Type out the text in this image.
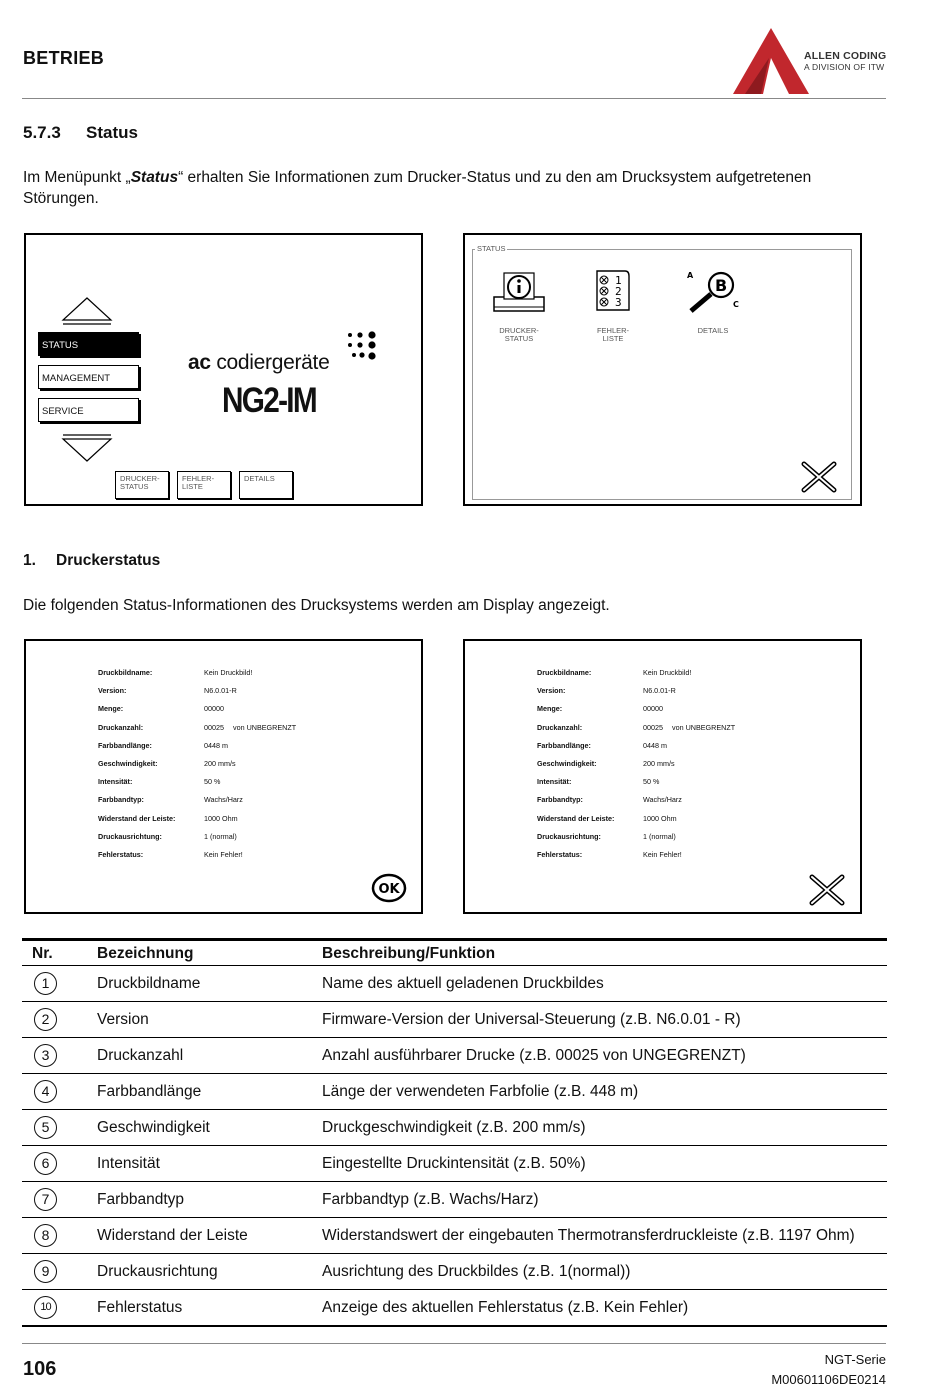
BETRIEB	ALLEN CODING
A DIVISION OF ITW
5.7.3 Status
Im Menüpunkt „Status“ erhalten Sie Informationen zum Drucker-Status und zu den am Drucksystem aufgetretenen Störungen.
STATUS
MANAGEMENT
SERVICE
ac codiergeräte
NG2-IM
DRUCKER-
STATUS
FEHLER-
LISTE
DETAILS

STATUS
DRUCKER-
STATUS
1
2
3
FEHLER-
LISTE
A
B
C
DETAILS

1. Druckerstatus
Die folgenden Status-Informationen des Drucksystems werden am Display angezeigt.
OK
Druckbildname:	Kein Druckbild!
Version:	N6.0.01-R
Menge:	00000
Druckanzahl:	00025 von UNBEGRENZT
Farbbandlänge:	0448 m
Geschwindigkeit:	200 mm/s
Intensität:	50 %
Farbbandtyp:	Wachs/Harz
Widerstand der Leiste:	1000 Ohm
Druckausrichtung:	1 (normal)
Fehlerstatus:	Kein Fehler!
Druckbildname:	Kein Druckbild!
Version:	N6.0.01-R
Menge:	00000
Druckanzahl:	00025 von UNBEGRENZT
Farbbandlänge:	0448 m
Geschwindigkeit:	200 mm/s
Intensität:	50 %
Farbbandtyp:	Wachs/Harz
Widerstand der Leiste:	1000 Ohm
Druckausrichtung:	1 (normal)
Fehlerstatus:	Kein Fehler!
Nr.	Bezeichnung	Beschreibung/Funktion
1	Druckbildname	Name des aktuell geladenen Druckbildes
2	Version	Firmware-Version der Universal-Steuerung (z.B. N6.0.01 - R)
3	Druckanzahl	Anzahl ausführbarer Drucke (z.B. 00025 von UNGEGRENZT)
4	Farbbandlänge	Länge der verwendeten Farbfolie (z.B. 448 m)
5	Geschwindigkeit	Druckgeschwindigkeit (z.B. 200 mm/s)
6	Intensität	Eingestellte Druckintensität (z.B. 50%)
7	Farbbandtyp	Farbbandtyp (z.B. Wachs/Harz)
8	Widerstand der Leiste	Widerstandswert der eingebauten Thermotransferdruckleiste (z.B. 1197 Ohm)
9	Druckausrichtung	Ausrichtung des Druckbildes (z.B. 1(normal))
10	Fehlerstatus	Anzeige des aktuellen Fehlerstatus (z.B. Kein Fehler)
106	NGT-Serie
M00601106DE0214
